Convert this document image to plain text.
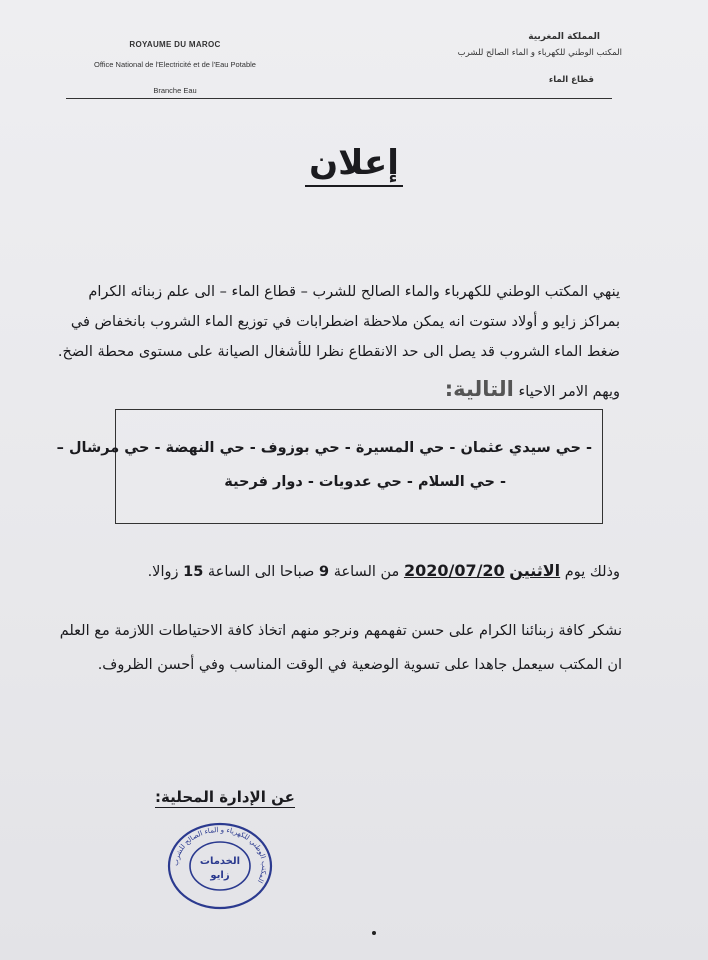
ROYAUME DU MAROC
Office National de l'Electricité et de l'Eau Potable
Branche Eau
المملكة المغربية
المكتب الوطني للكهرباء و الماء الصالح للشرب
قطاع الماء
إعلان
ينهي المكتب الوطني للكهرباء والماء الصالح للشرب – قطاع الماء – الى علم زبنائه الكرام
بمراكز زايو و أولاد ستوت انه يمكن ملاحظة اضطرابات في توزيع الماء الشروب بانخفاض في
ضغط الماء الشروب قد يصل الى حد الانقطاع نظرا للأشغال الصيانة على مستوى محطة الضخ.
ويهم الامر الاحياء التالية:
- حي سيدي عثمان - حي المسيرة - حي بوزوف - حي النهضة - حي مرشال –
- حي السلام - حي عدويات - دوار فرحية
وذلك يوم الاثنين 2020/07/20 من الساعة 9 صباحا الى الساعة 15 زوالا.
نشكر كافة زبنائنا الكرام على حسن تفهمهم ونرجو منهم اتخاذ كافة الاحتياطات اللازمة مع العلم
ان المكتب سيعمل جاهدا على تسوية الوضعية في الوقت المناسب وفي أحسن الظروف.
عن الإدارة المحلية:
المكتب الوطني للكهرباء و الماء الصالح للشرب
الخدمات
زايو
